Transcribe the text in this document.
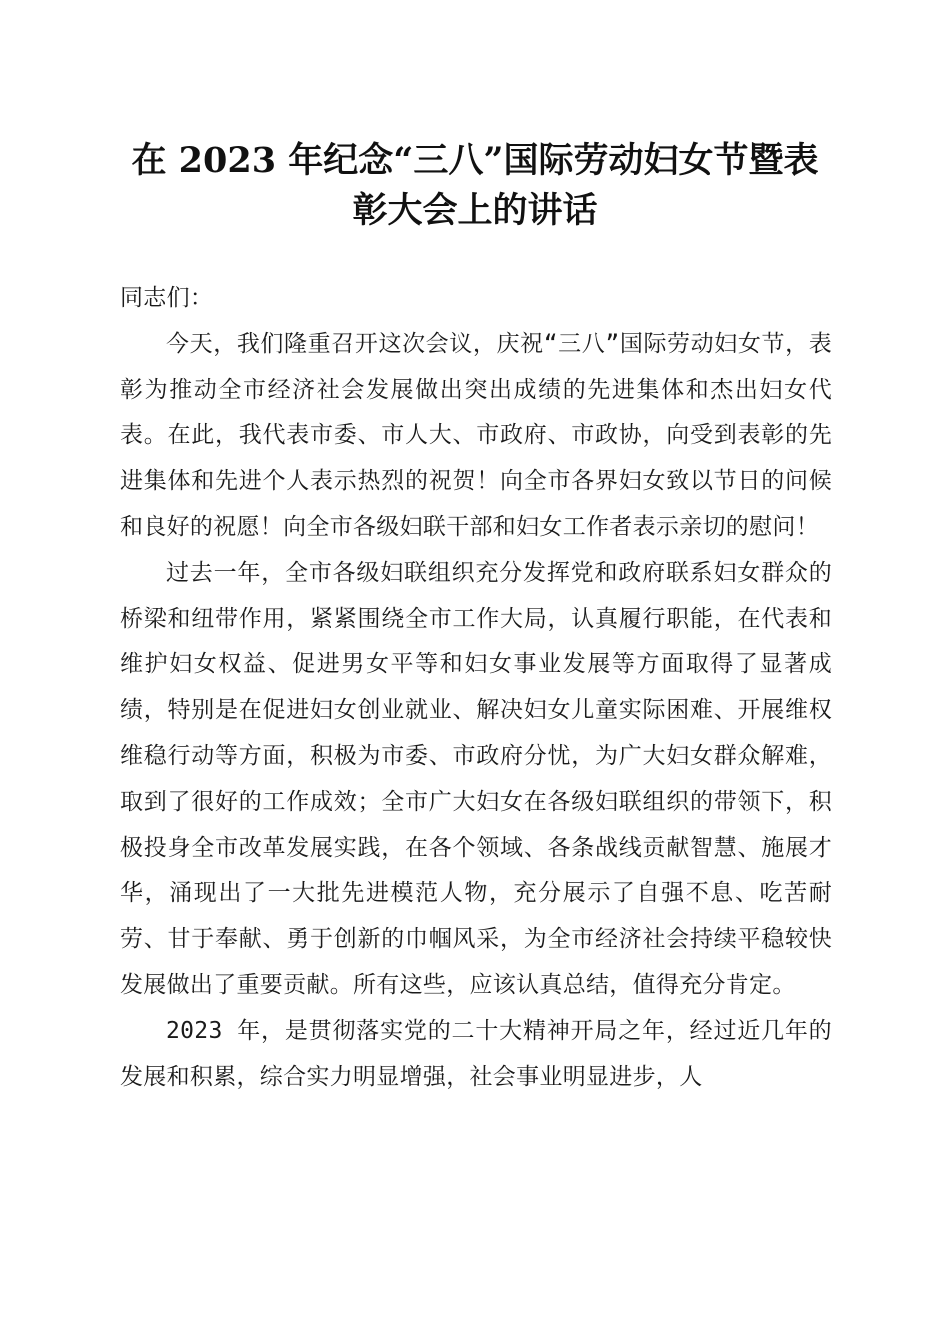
在 2023 年纪念“三八”国际劳动妇女节暨表
彰大会上的讲话

同志们：

今天，我们隆重召开这次会议，庆祝“三八”国际劳动妇女节，表彰为推动全市经济社会发展做出突出成绩的先进集体和杰出妇女代表。在此，我代表市委、市人大、市政府、市政协，向受到表彰的先进集体和先进个人表示热烈的祝贺！向全市各界妇女致以节日的问候和良好的祝愿！向全市各级妇联干部和妇女工作者表示亲切的慰问！

过去一年，全市各级妇联组织充分发挥党和政府联系妇女群众的桥梁和纽带作用，紧紧围绕全市工作大局，认真履行职能，在代表和维护妇女权益、促进男女平等和妇女事业发展等方面取得了显著成绩，特别是在促进妇女创业就业、解决妇女儿童实际困难、开展维权维稳行动等方面，积极为市委、市政府分忧，为广大妇女群众解难，取到了很好的工作成效；全市广大妇女在各级妇联组织的带领下，积极投身全市改革发展实践，在各个领域、各条战线贡献智慧、施展才华，涌现出了一大批先进模范人物，充分展示了自强不息、吃苦耐劳、甘于奉献、勇于创新的巾帼风采，为全市经济社会持续平稳较快发展做出了重要贡献。所有这些，应该认真总结，值得充分肯定。

2023 年，是贯彻落实党的二十大精神开局之年，经过近几年的发展和积累，综合实力明显增强，社会事业明显进步，人
